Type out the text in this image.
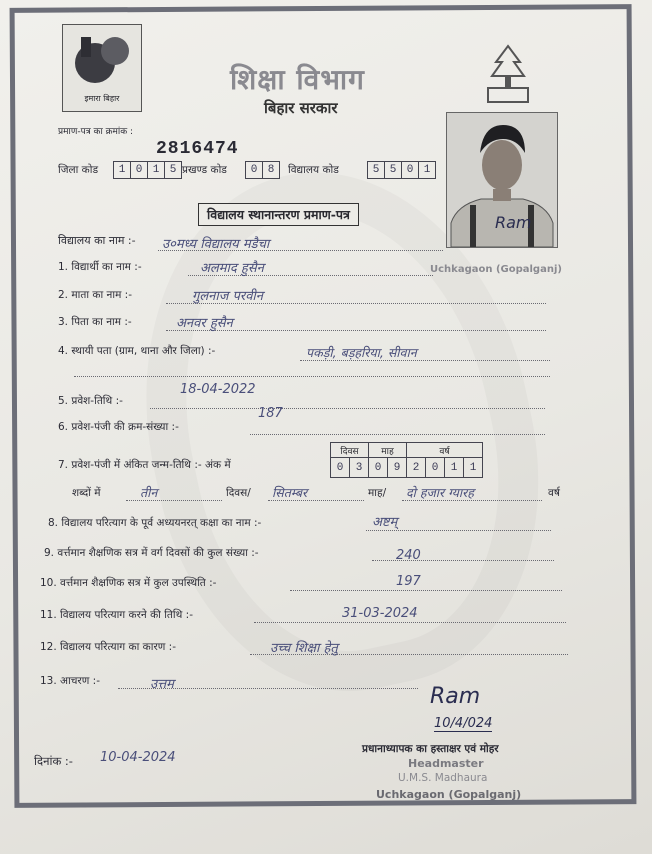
इमारा बिहार
शिक्षा विभाग
बिहार सरकार
प्रमाण-पत्र का क्रमांक :
2816474
जिला कोड	1 0 1 5 प्रखण्ड कोड	0 8	विद्यालय कोड	5 5 0 1
Ram
विद्यालय स्थानान्तरण प्रमाण-पत्र
Uchkagaon (Gopalganj)
विद्यालय का नाम :- उ०मध्य विद्यालय मडैचा
1. विद्यार्थी का नाम :-	अलमाद हुसैन
2. माता का नाम :-	गुलनाज परवीन
3. पिता का नाम :-	अनवर हुसैन
4. स्थायी पता (ग्राम, थाना और जिला) :-	पकड़ी, बड़हरिया, सीवान
5. प्रवेश-तिथि :-
18-04-2022
6. प्रवेश-पंजी की क्रम-संख्या :-
187
7. प्रवेश-पंजी में अंकित जन्म-तिथि :- अंक में
दिवस		माह		वर्ष			
0	3	0	9	2	0	1	1
शब्दों में	तीन	दिवस/ सितम्बर	माह/ दो हजार ग्यारह	वर्ष
8. विद्यालय परित्याग के पूर्व अध्ययनरत् कक्षा का नाम :-	अष्टम्
9. वर्त्तमान शैक्षणिक सत्र में वर्ग दिवसों की कुल संख्या :-	240
10. वर्त्तमान शैक्षणिक सत्र में कुल उपस्थिति :-	197
11. विद्यालय परित्याग करने की तिथि :-	31-03-2024
12. विद्यालय परित्याग का कारण :-	उच्च शिक्षा हेतु
13. आचरण :-	उत्तम	Ram
10/4/024
दिनांक :- 10-04-2024
प्रधानाध्यापक का हस्ताक्षर एवं मोहर
Headmaster
U.M.S. Madhaura
Uchkagaon (Gopalganj)
